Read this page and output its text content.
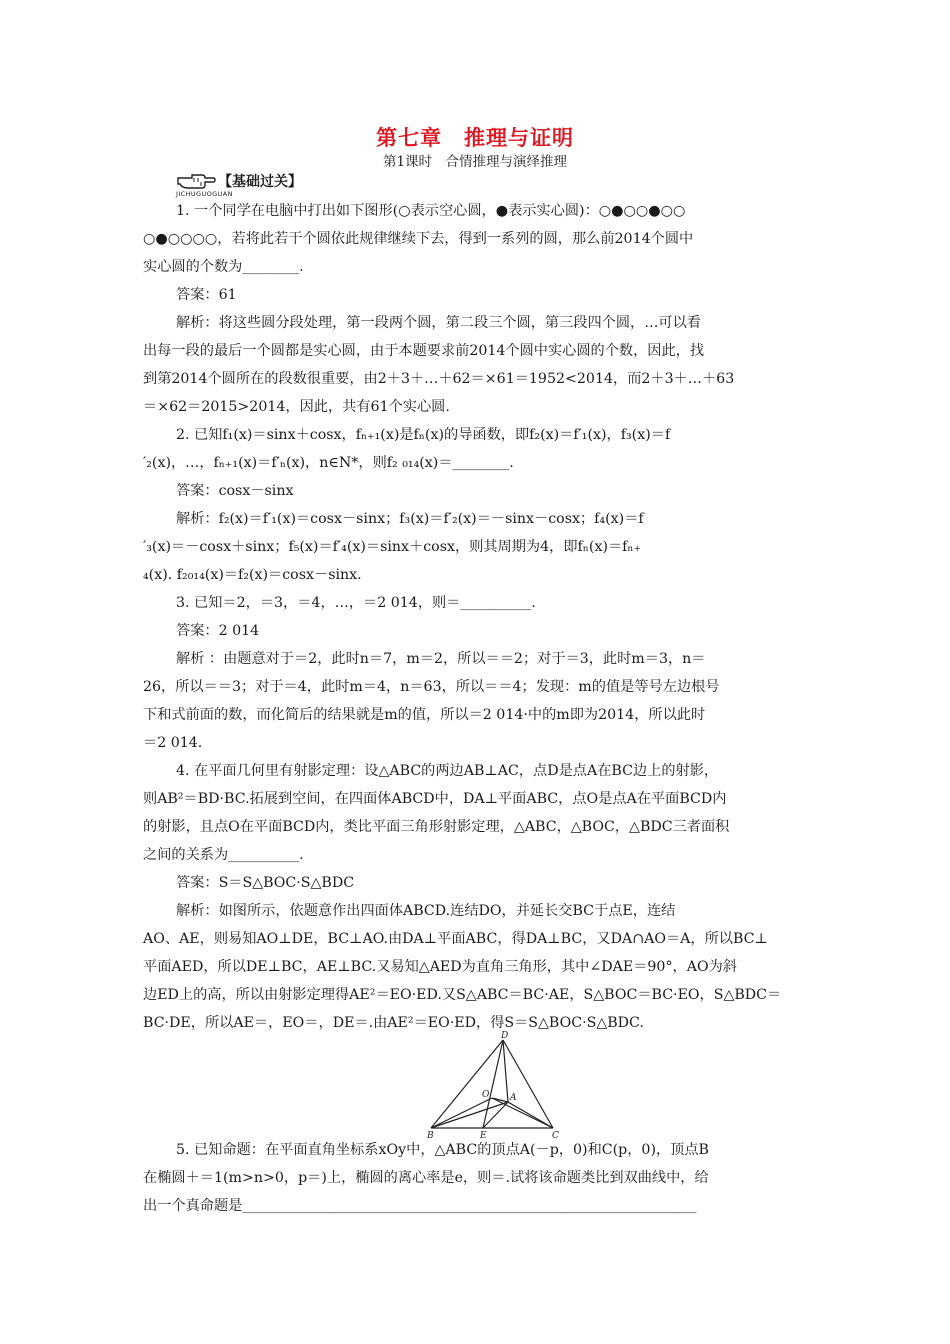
第七章　推理与证明
第1课时　合情推理与演绎推理
【基础过关】
JICHUGUOGUAN
1. 一个同学在电脑中打出如下图形(○表示空心圆，●表示实心圆)：○●○○●○○
○●○○○○，若将此若干个圆依此规律继续下去，得到一系列的圆，那么前2014个圆中
实心圆的个数为________.
答案：61
解析：将这些圆分段处理，第一段两个圆，第二段三个圆，第三段四个圆，…可以看
出每一段的最后一个圆都是实心圆，由于本题要求前2014个圆中实心圆的个数，因此，找
到第2014个圆所在的段数很重要，由2＋3＋…＋62＝×61＝1952<2014，而2＋3＋…＋63
＝×62＝2015>2014，因此，共有61个实心圆.
2. 已知f₁(x)＝sinx＋cosx，fₙ₊₁(x)是fₙ(x)的导函数，即f₂(x)＝f′₁(x)，f₃(x)＝f
′₂(x)，…，fₙ₊₁(x)＝f′ₙ(x)，n∈N*，则f₂ ₀₁₄(x)＝________.
答案：cosx－sinx
解析：f₂(x)＝f′₁(x)＝cosx－sinx；f₃(x)＝f′₂(x)＝－sinx－cosx；f₄(x)＝f
′₃(x)＝－cosx＋sinx；f₅(x)＝f′₄(x)＝sinx＋cosx，则其周期为4，即fₙ(x)＝fₙ₊
₄(x). f₂₀₁₄(x)＝f₂(x)＝cosx－sinx.
3. 已知＝2，＝3，＝4，…，＝2 014，则＝__________.
答案：2 014
解析 ：由题意对于＝2，此时n＝7，m＝2，所以＝＝2；对于＝3，此时m＝3，n＝
26，所以＝＝3；对于＝4，此时m＝4，n＝63，所以＝＝4；发现：m的值是等号左边根号
下和式前面的数，而化简后的结果就是m的值，所以＝2 014·中的m即为2014，所以此时
＝2 014.
4. 在平面几何里有射影定理：设△ABC的两边AB⊥AC，点D是点A在BC边上的射影，
则AB²＝BD·BC.拓展到空间，在四面体ABCD中，DA⊥平面ABC，点O是点A在平面BCD内
的射影，且点O在平面BCD内，类比平面三角形射影定理，△ABC，△BOC，△BDC三者面积
之间的关系为__________.
答案：S＝S△BOC·S△BDC
解析：如图所示，依题意作出四面体ABCD.连结DO，并延长交BC于点E，连结
AO、AE，则易知AO⊥DE，BC⊥AO.由DA⊥平面ABC，得DA⊥BC，又DA∩AO＝A，所以BC⊥
平面AED，所以DE⊥BC，AE⊥BC.又易知△AED为直角三角形，其中∠DAE＝90°，AO为斜
边ED上的高，所以由射影定理得AE²＝EO·ED.又S△ABC＝BC·AE，S△BOC＝BC·EO，S△BDC＝
BC·DE，所以AE＝，EO＝，DE＝.由AE²＝EO·ED，得S＝S△BOC·S△BDC.
D
O A
B	E	C
5. 已知命题：在平面直角坐标系xOy中，△ABC的顶点A(－p，0)和C(p，0)，顶点B
在椭圆＋＝1(m>n>0，p＝)上，椭圆的离心率是e，则＝.试将该命题类比到双曲线中，给
出一个真命题是________________________________________________________________
